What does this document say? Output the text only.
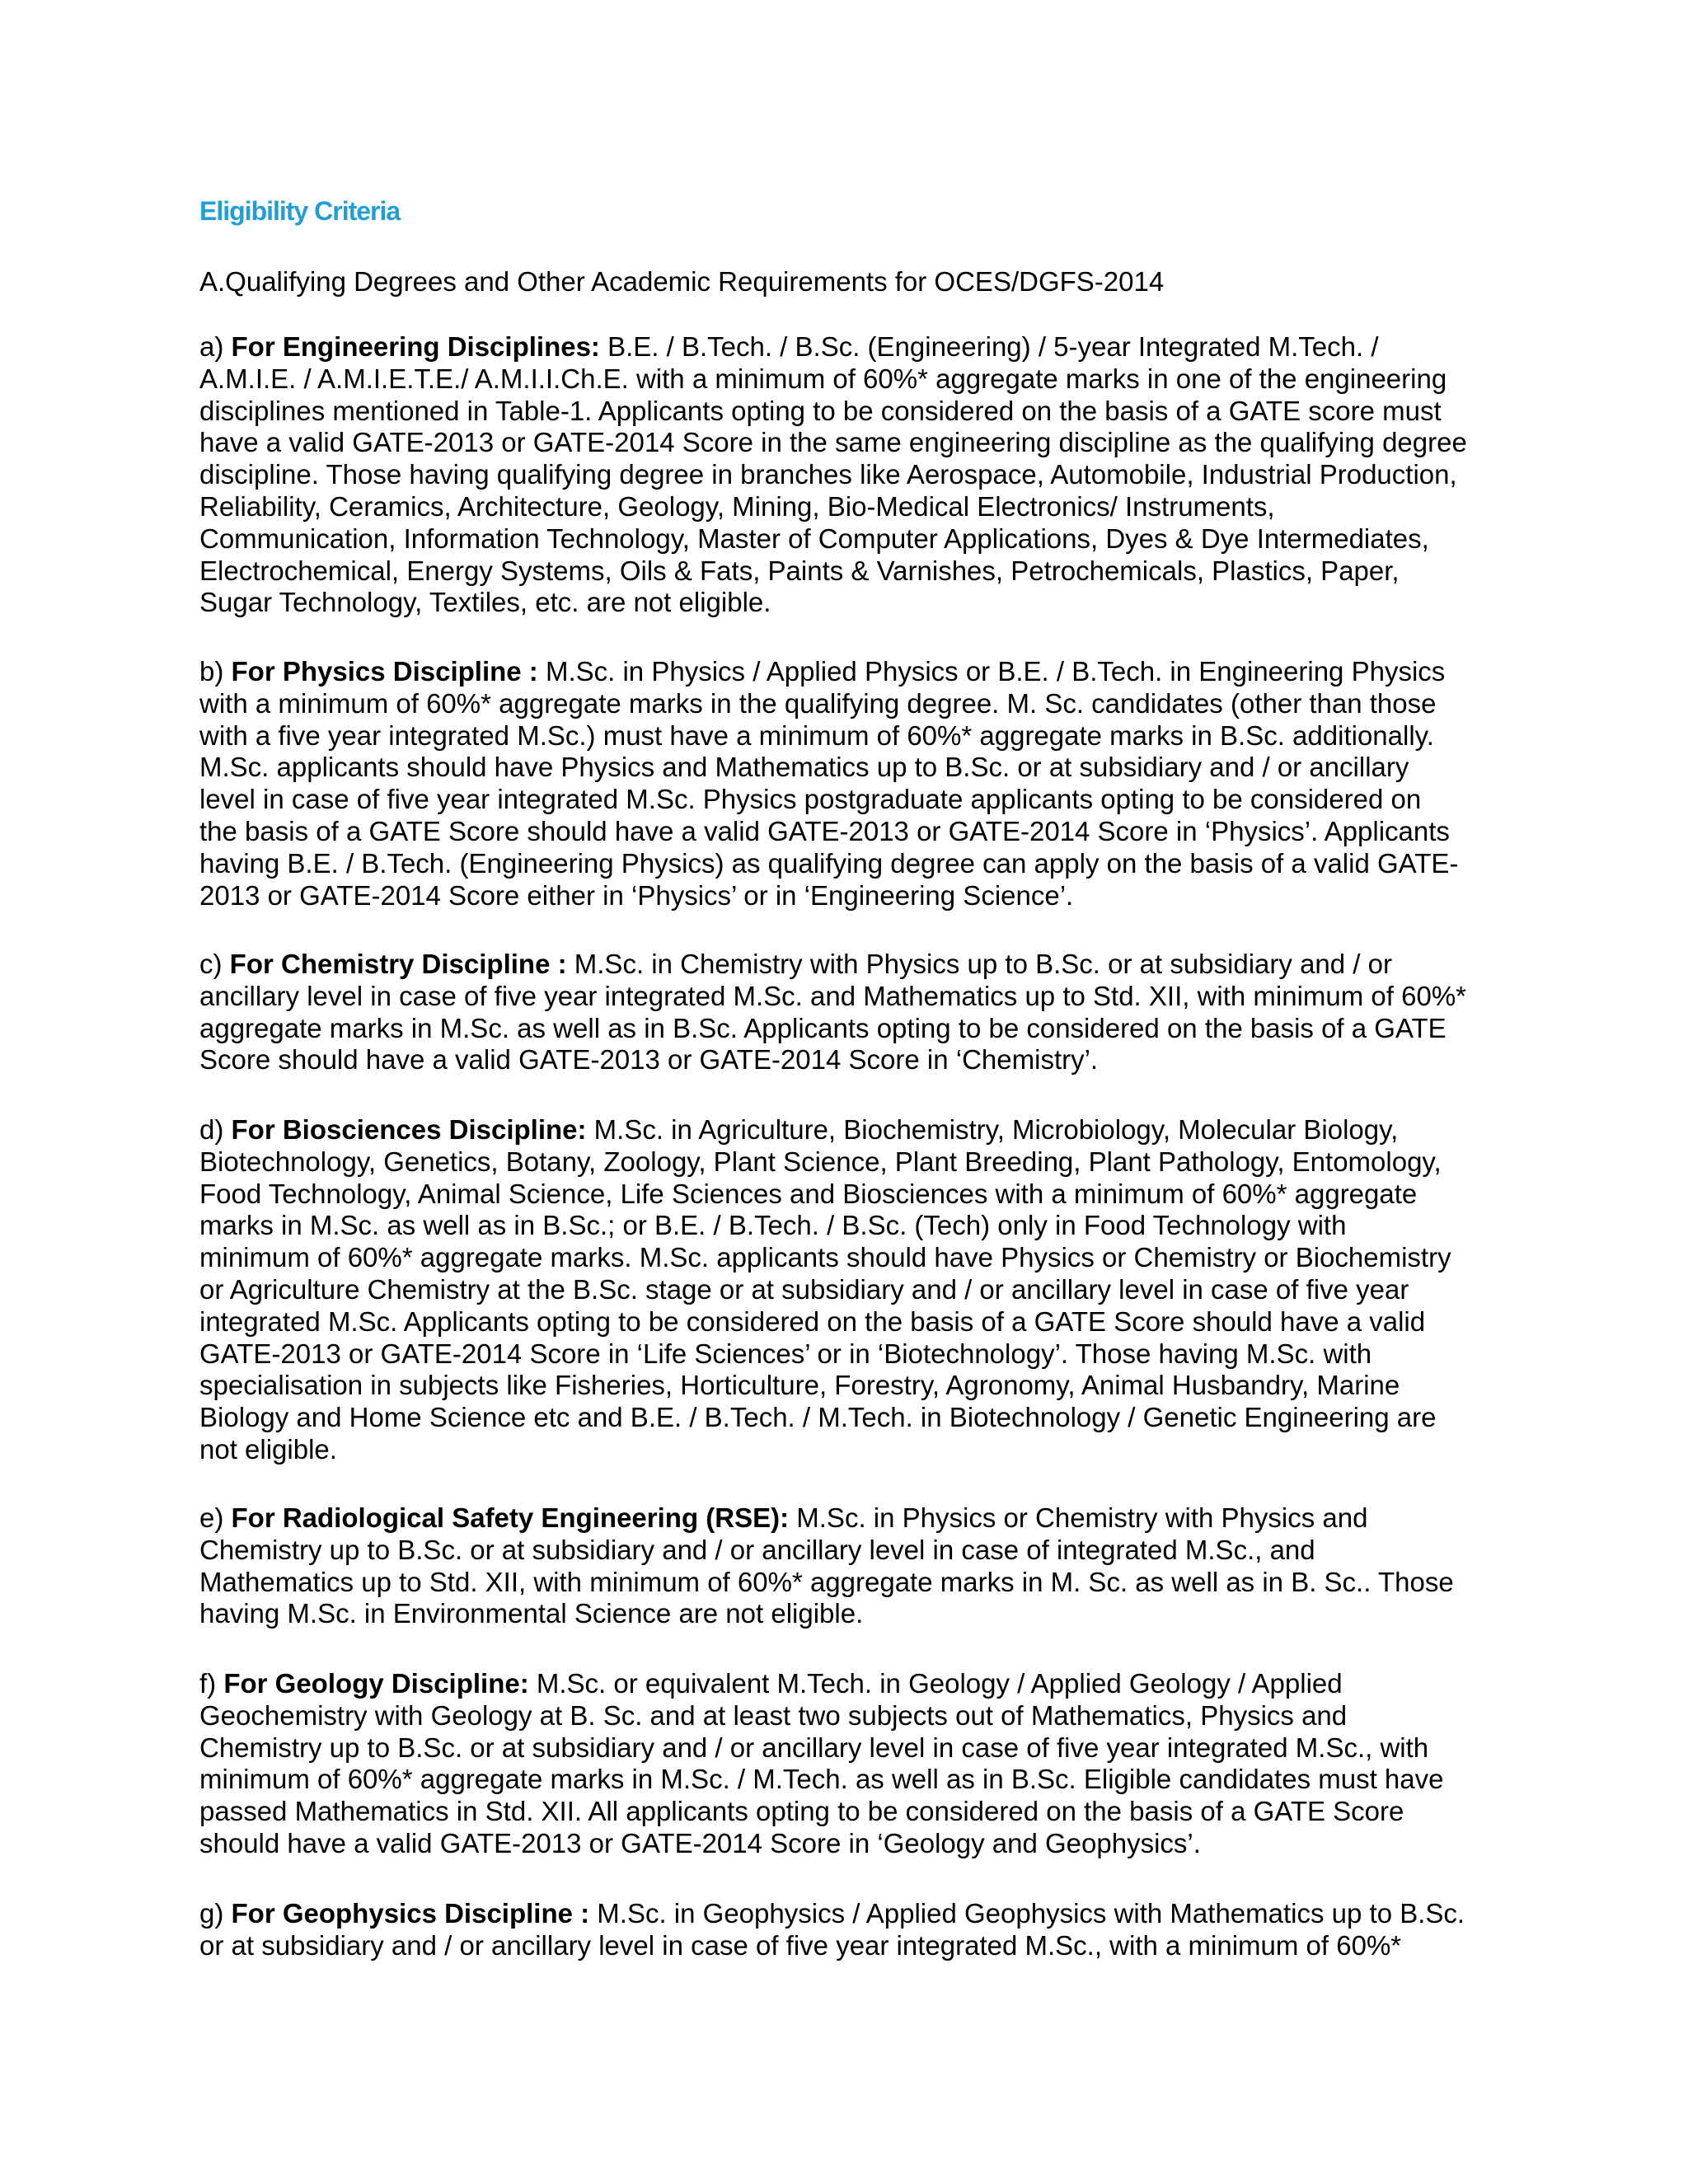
Eligibility Criteria
A.Qualifying Degrees and Other Academic Requirements for OCES/DGFS-2014
a) For Engineering Disciplines: B.E. / B.Tech. / B.Sc. (Engineering) / 5-year Integrated M.Tech. /
A.M.I.E. / A.M.I.E.T.E./ A.M.I.I.Ch.E. with a minimum of 60%* aggregate marks in one of the engineering
disciplines mentioned in Table-1. Applicants opting to be considered on the basis of a GATE score must
have a valid GATE-2013 or GATE-2014 Score in the same engineering discipline as the qualifying degree
discipline. Those having qualifying degree in branches like Aerospace, Automobile, Industrial Production,
Reliability, Ceramics, Architecture, Geology, Mining, Bio-Medical Electronics/ Instruments,
Communication, Information Technology, Master of Computer Applications, Dyes & Dye Intermediates,
Electrochemical, Energy Systems, Oils & Fats, Paints & Varnishes, Petrochemicals, Plastics, Paper,
Sugar Technology, Textiles, etc. are not eligible.
b) For Physics Discipline : M.Sc. in Physics / Applied Physics or B.E. / B.Tech. in Engineering Physics
with a minimum of 60%* aggregate marks in the qualifying degree. M. Sc. candidates (other than those
with a five year integrated M.Sc.) must have a minimum of 60%* aggregate marks in B.Sc. additionally.
M.Sc. applicants should have Physics and Mathematics up to B.Sc. or at subsidiary and / or ancillary
level in case of five year integrated M.Sc. Physics postgraduate applicants opting to be considered on
the basis of a GATE Score should have a valid GATE-2013 or GATE-2014 Score in ‘Physics’. Applicants
having B.E. / B.Tech. (Engineering Physics) as qualifying degree can apply on the basis of a valid GATE-
2013 or GATE-2014 Score either in ‘Physics’ or in ‘Engineering Science’.
c) For Chemistry Discipline : M.Sc. in Chemistry with Physics up to B.Sc. or at subsidiary and / or
ancillary level in case of five year integrated M.Sc. and Mathematics up to Std. XII, with minimum of 60%*
aggregate marks in M.Sc. as well as in B.Sc. Applicants opting to be considered on the basis of a GATE
Score should have a valid GATE-2013 or GATE-2014 Score in ‘Chemistry’.
d) For Biosciences Discipline: M.Sc. in Agriculture, Biochemistry, Microbiology, Molecular Biology,
Biotechnology, Genetics, Botany, Zoology, Plant Science, Plant Breeding, Plant Pathology, Entomology,
Food Technology, Animal Science, Life Sciences and Biosciences with a minimum of 60%* aggregate
marks in M.Sc. as well as in B.Sc.; or B.E. / B.Tech. / B.Sc. (Tech) only in Food Technology with
minimum of 60%* aggregate marks. M.Sc. applicants should have Physics or Chemistry or Biochemistry
or Agriculture Chemistry at the B.Sc. stage or at subsidiary and / or ancillary level in case of five year
integrated M.Sc. Applicants opting to be considered on the basis of a GATE Score should have a valid
GATE-2013 or GATE-2014 Score in ‘Life Sciences’ or in ‘Biotechnology’. Those having M.Sc. with
specialisation in subjects like Fisheries, Horticulture, Forestry, Agronomy, Animal Husbandry, Marine
Biology and Home Science etc and B.E. / B.Tech. / M.Tech. in Biotechnology / Genetic Engineering are
not eligible.
e) For Radiological Safety Engineering (RSE): M.Sc. in Physics or Chemistry with Physics and
Chemistry up to B.Sc. or at subsidiary and / or ancillary level in case of integrated M.Sc., and
Mathematics up to Std. XII, with minimum of 60%* aggregate marks in M. Sc. as well as in B. Sc.. Those
having M.Sc. in Environmental Science are not eligible.
f) For Geology Discipline: M.Sc. or equivalent M.Tech. in Geology / Applied Geology / Applied
Geochemistry with Geology at B. Sc. and at least two subjects out of Mathematics, Physics and
Chemistry up to B.Sc. or at subsidiary and / or ancillary level in case of five year integrated M.Sc., with
minimum of 60%* aggregate marks in M.Sc. / M.Tech. as well as in B.Sc. Eligible candidates must have
passed Mathematics in Std. XII. All applicants opting to be considered on the basis of a GATE Score
should have a valid GATE-2013 or GATE-2014 Score in ‘Geology and Geophysics’.
g) For Geophysics Discipline : M.Sc. in Geophysics / Applied Geophysics with Mathematics up to B.Sc.
or at subsidiary and / or ancillary level in case of five year integrated M.Sc., with a minimum of 60%*
